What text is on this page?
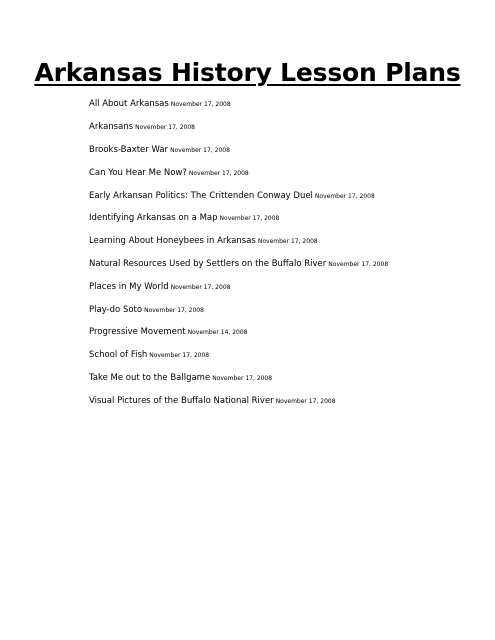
Arkansas History Lesson Plans
All About Arkansas November 17, 2008
Arkansans November 17, 2008
Brooks-Baxter War November 17, 2008
Can You Hear Me Now? November 17, 2008
Early Arkansan Politics: The Crittenden Conway Duel November 17, 2008
Identifying Arkansas on a Map November 17, 2008
Learning About Honeybees in Arkansas November 17, 2008
Natural Resources Used by Settlers on the Buffalo River November 17, 2008
Places in My World November 17, 2008
Play-do Soto November 17, 2008
Progressive Movement November 14, 2008
School of Fish November 17, 2008
Take Me out to the Ballgame November 17, 2008
Visual Pictures of the Buffalo National River November 17, 2008
